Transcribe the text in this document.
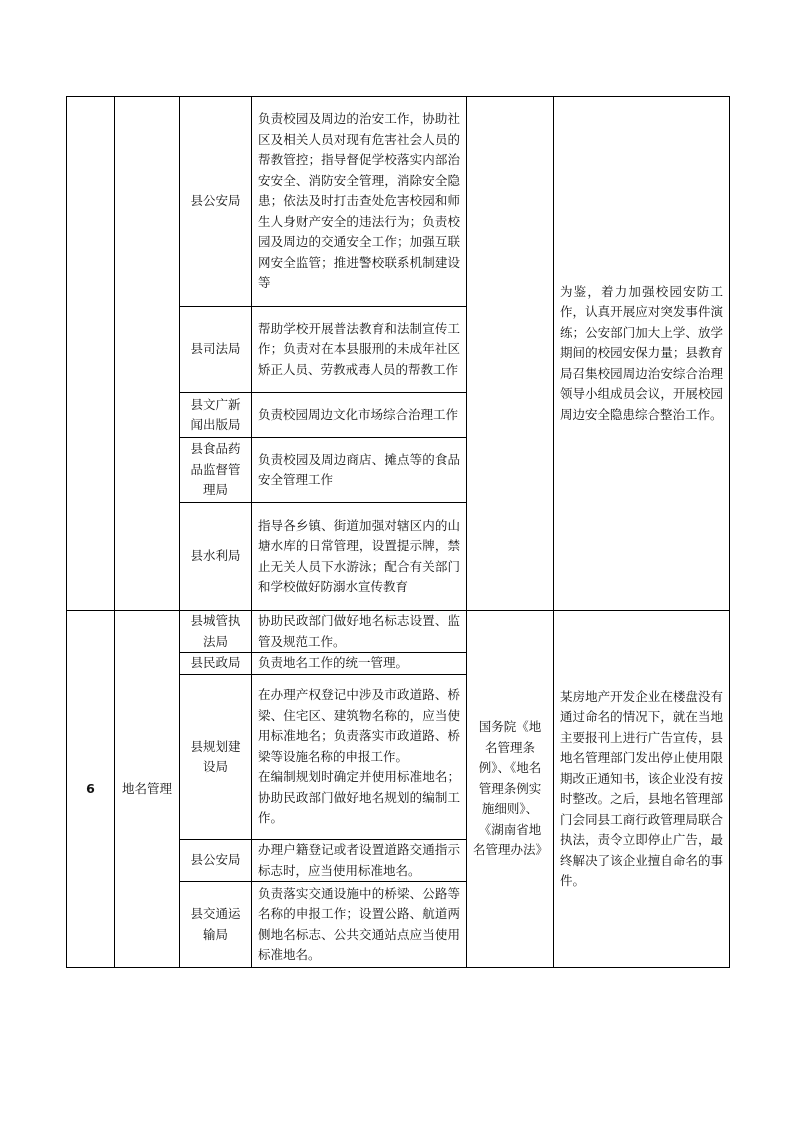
		县公安局	负责校园及周边的治安工作，协助社区及相关人员对现有危害社会人员的帮教管控；指导督促学校落实内部治安安全、消防安全管理，消除安全隐患；依法及时打击查处危害校园和师生人身财产安全的违法行为；负责校园及周边的交通安全工作；加强互联网安全监管；推进警校联系机制建设等		为鉴，着力加强校园安防工作，认真开展应对突发事件演练；公安部门加大上学、放学期间的校园安保力量；县教育局召集校园周边治安综合治理领导小组成员会议，开展校园周边安全隐患综合整治工作。
		县司法局	帮助学校开展普法教育和法制宣传工作；负责对在本县服刑的未成年社区矫正人员、劳教戒毒人员的帮教工作		
		县文广新闻出版局	负责校园周边文化市场综合治理工作		
		县食品药品监督管理局	负责校园及周边商店、摊点等的食品安全管理工作		
		县水利局	指导各乡镇、街道加强对辖区内的山塘水库的日常管理，设置提示牌，禁止无关人员下水游泳；配合有关部门和学校做好防溺水宣传教育		
6	地名管理	县城管执法局	协助民政部门做好地名标志设置、监管及规范工作。	国务院《地名管理条例》、《地名管理条例实施细则》、《湖南省地名管理办法》	某房地产开发企业在楼盘没有通过命名的情况下，就在当地主要报刊上进行广告宣传，县地名管理部门发出停止使用限期改正通知书，该企业没有按时整改。之后，县地名管理部门会同县工商行政管理局联合执法，责令立即停止广告，最终解决了该企业擅自命名的事件。
		县民政局	负责地名工作的统一管理。		
		县规划建设局	在办理产权登记中涉及市政道路、桥梁、住宅区、建筑物名称的，应当使用标准地名；负责落实市政道路、桥梁等设施名称的申报工作。
在编制规划时确定并使用标准地名；协助民政部门做好地名规划的编制工作。		
		县公安局	办理户籍登记或者设置道路交通指示标志时，应当使用标准地名。		
		县交通运输局	负责落实交通设施中的桥梁、公路等名称的申报工作；设置公路、航道两侧地名标志、公共交通站点应当使用标准地名。		
